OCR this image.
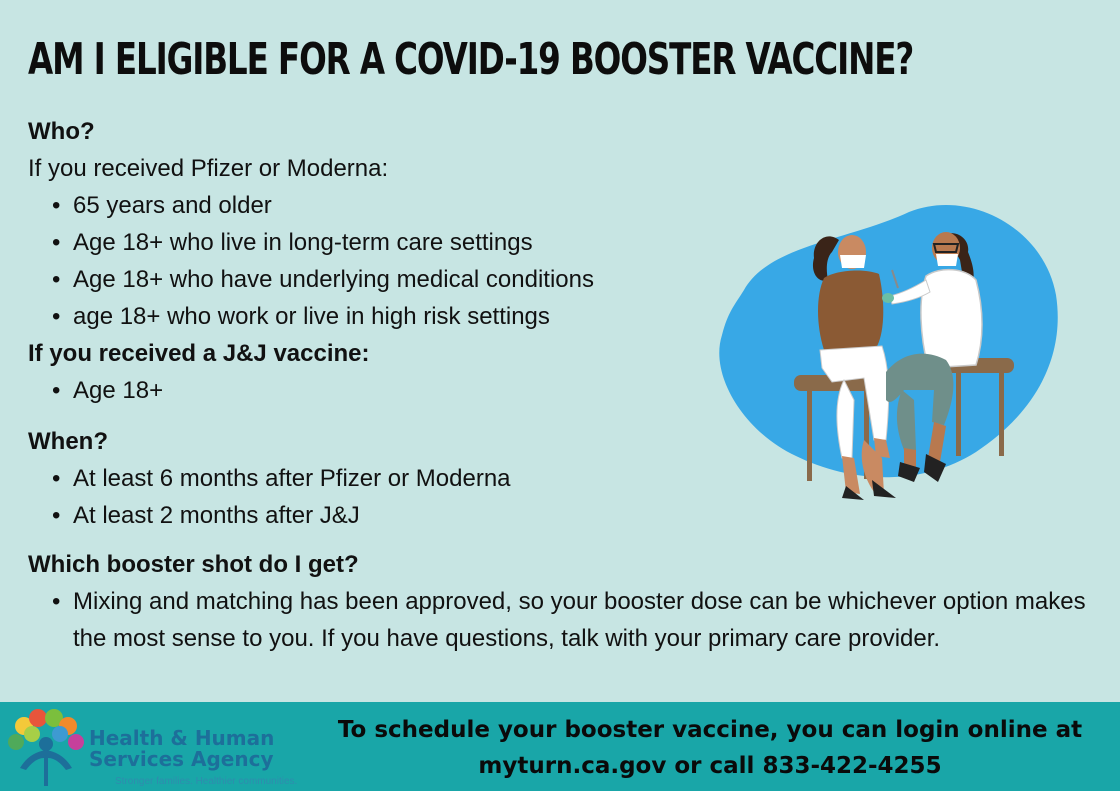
AM I ELIGIBLE FOR A COVID-19 BOOSTER VACCINE?
Who?
If you received Pfizer or Moderna:
• 65 years and older
• Age 18+ who live in long-term care settings
• Age 18+ who have underlying medical conditions
• age 18+ who work or live in high risk settings
If you received a J&J vaccine:
• Age 18+
When?
• At least 6 months after Pfizer or Moderna
• At least 2 months after J&J
Which booster shot do I get?
• Mixing and matching has been approved, so your booster dose can be whichever option makes the most sense to you. If you have questions, talk with your primary care provider.
Health & Human
Services Agency
Stronger families. Healthier communities.
To schedule your booster vaccine, you can login online at
myturn.ca.gov or call 833-422-4255
